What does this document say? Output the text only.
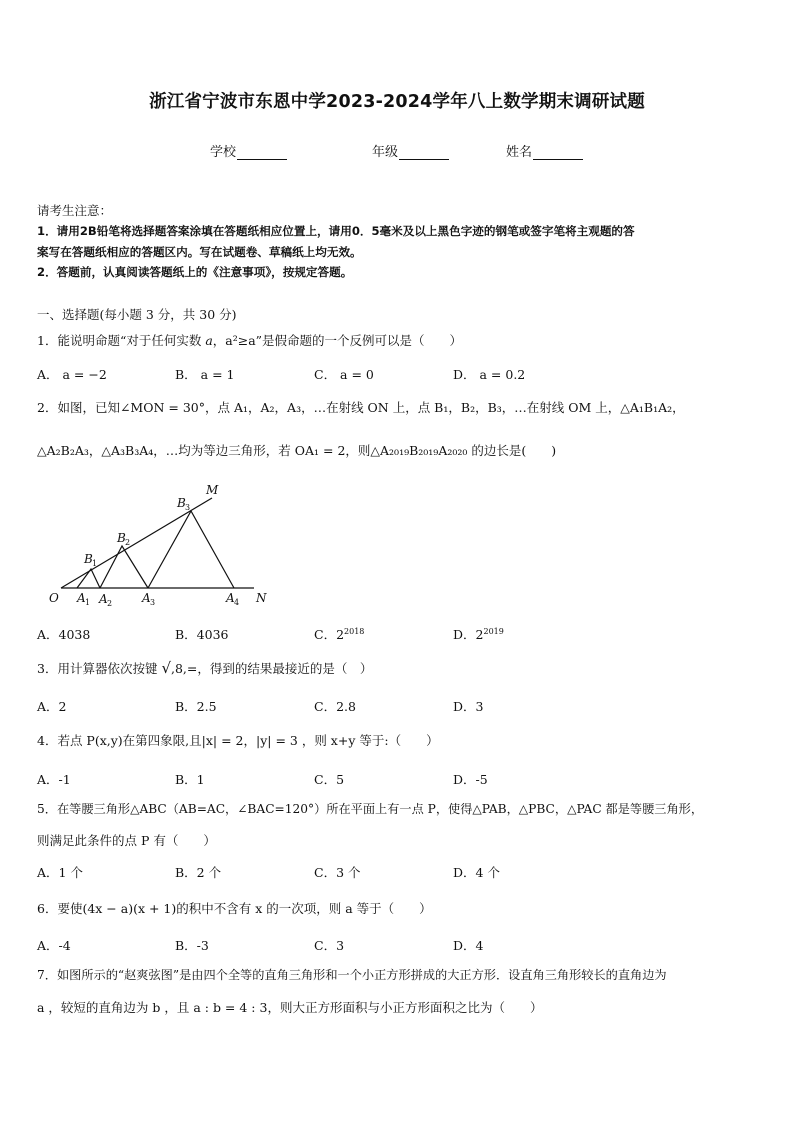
浙江省宁波市东恩中学2023-2024学年八上数学期末调研试题
学校	年级	姓名
请考生注意：
1．请用2B铅笔将选择题答案涂填在答题纸相应位置上，请用0．5毫米及以上黑色字迹的钢笔或签字笔将主观题的答
案写在答题纸相应的答题区内。写在试题卷、草稿纸上均无效。
2．答题前，认真阅读答题纸上的《注意事项》，按规定答题。
一、选择题(每小题 3 分，共 30 分)
1．能说明命题“对于任何实数 a，a²≥a”是假命题的一个反例可以是（　　）
A． a = −2	B． a = 1	C． a = 0	D． a = 0.2
2．如图，已知∠MON = 30°，点 A₁，A₂，A₃，…在射线 ON 上，点 B₁，B₂，B₃，…在射线 OM 上，△A₁B₁A₂，
△A₂B₂A₃，△A₃B₃A₄，…均为等边三角形，若 OA₁ = 2，则△A₂₀₁₉B₂₀₁₉A₂₀₂₀ 的边长是(　　)
O	N
M
A A	A	A
B
B
B
1 2	3	4
1
2
3
A．4038	B．4036	C．$2^{2018}$	D．$2^{2019}$
3．用计算器依次按键 √,8,=，得到的结果最接近的是（　）
A．2	B．2.5	C．2.8	D．3
4．若点 P(x,y)在第四象限,且|x| = 2，|y| = 3 ，则 x+y 等于:（　　）
A．-1	B．1	C．5	D．-5
5．在等腰三角形△ABC（AB=AC，∠BAC=120°）所在平面上有一点 P，使得△PAB，△PBC，△PAC 都是等腰三角形，
则满足此条件的点 P 有（　　）
A．1 个	B．2 个	C．3 个	D．4 个
6．要使(4x − a)(x + 1)的积中不含有 x 的一次项，则 a 等于（　　）
A．-4	B．-3	C．3	D．4
7．如图所示的“赵爽弦图”是由四个全等的直角三角形和一个小正方形拼成的大正方形．设直角三角形较长的直角边为
a ，较短的直角边为 b ，且 a : b = 4 : 3，则大正方形面积与小正方形面积之比为（　　）
